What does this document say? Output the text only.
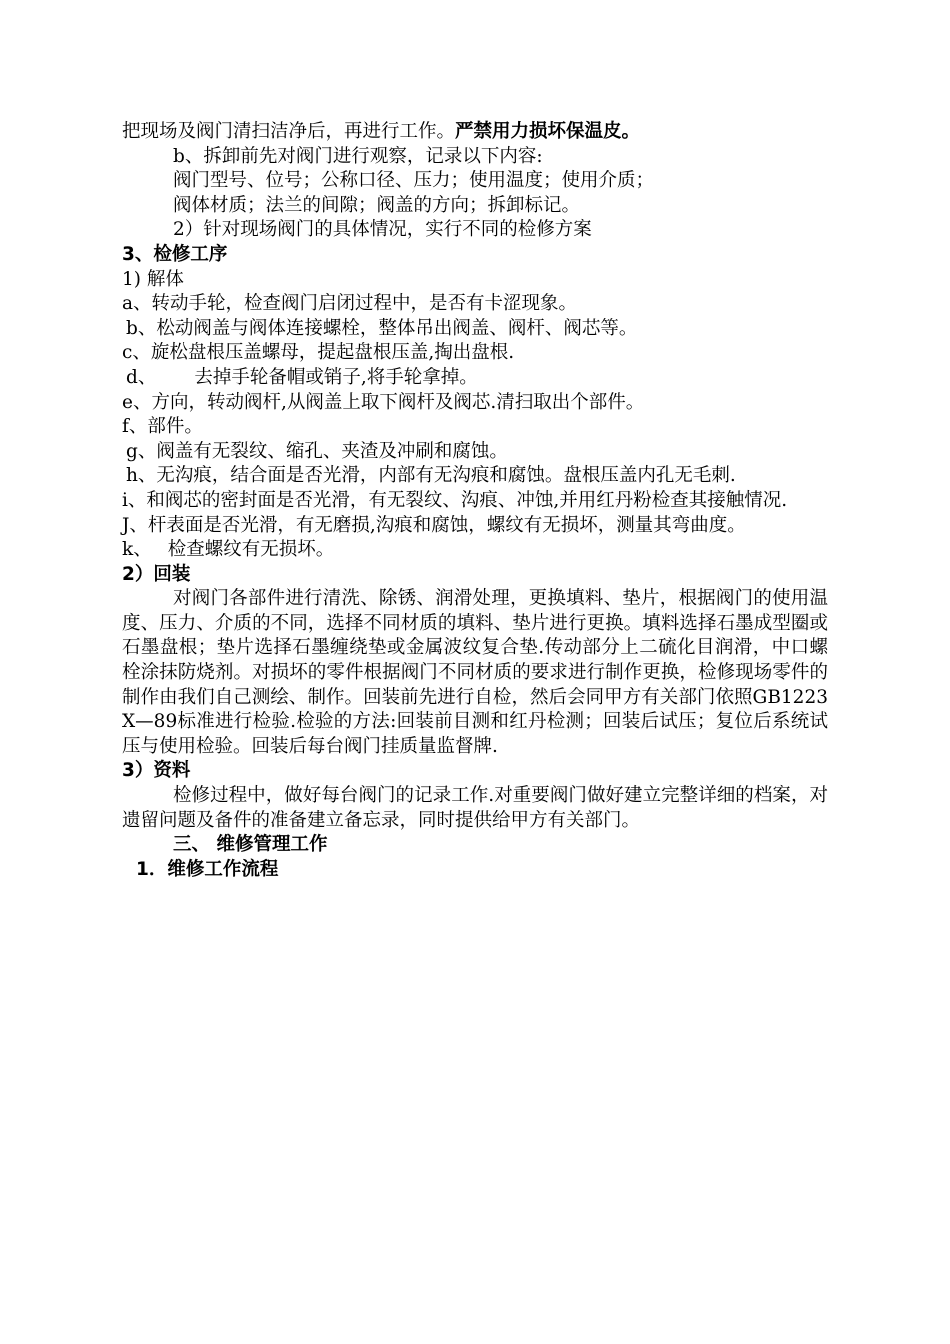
把现场及阀门清扫洁净后，再进行工作。严禁用力损坏保温皮。
b、拆卸前先对阀门进行观察，记录以下内容:
阀门型号、位号；公称口径、压力；使用温度；使用介质；
阀体材质；法兰的间隙；阀盖的方向；拆卸标记。
2）针对现场阀门的具体情况，实行不同的检修方案
3、检修工序
1) 解体
a、转动手轮，检查阀门启闭过程中，是否有卡涩现象。
b、松动阀盖与阀体连接螺栓，整体吊出阀盖、阀杆、阀芯等。
c、旋松盘根压盖螺母，提起盘根压盖,掏出盘根.
d、 去掉手轮备帽或销子,将手轮拿掉。
e、方向，转动阀杆,从阀盖上取下阀杆及阀芯.清扫取出个部件。
f、部件。
g、阀盖有无裂纹、缩孔、夹渣及冲刷和腐蚀。
h、无沟痕，结合面是否光滑，内部有无沟痕和腐蚀。盘根压盖内孔无毛刺.
i、和阀芯的密封面是否光滑，有无裂纹、沟痕、冲蚀,并用红丹粉检查其接触情况.
J、杆表面是否光滑，有无磨损,沟痕和腐蚀，螺纹有无损坏，测量其弯曲度。
k、 检查螺纹有无损坏。
2）回装
对阀门各部件进行清洗、除锈、润滑处理，更换填料、垫片，根据阀门的使用温度、压力、介质的不同，选择不同材质的填料、垫片进行更换。填料选择石墨成型圈或石墨盘根；垫片选择石墨缠绕垫或金属波纹复合垫.传动部分上二硫化目润滑，中口螺栓涂抹防烧剂。对损坏的零件根据阀门不同材质的要求进行制作更换，检修现场零件的制作由我们自己测绘、制作。回装前先进行自检，然后会同甲方有关部门依照GB1223X—89标准进行检验.检验的方法:回装前目测和红丹检测；回装后试压；复位后系统试压与使用检验。回装后每台阀门挂质量监督牌.
3）资料
检修过程中，做好每台阀门的记录工作.对重要阀门做好建立完整详细的档案，对遗留问题及备件的准备建立备忘录，同时提供给甲方有关部门。
三、 维修管理工作
1．维修工作流程
